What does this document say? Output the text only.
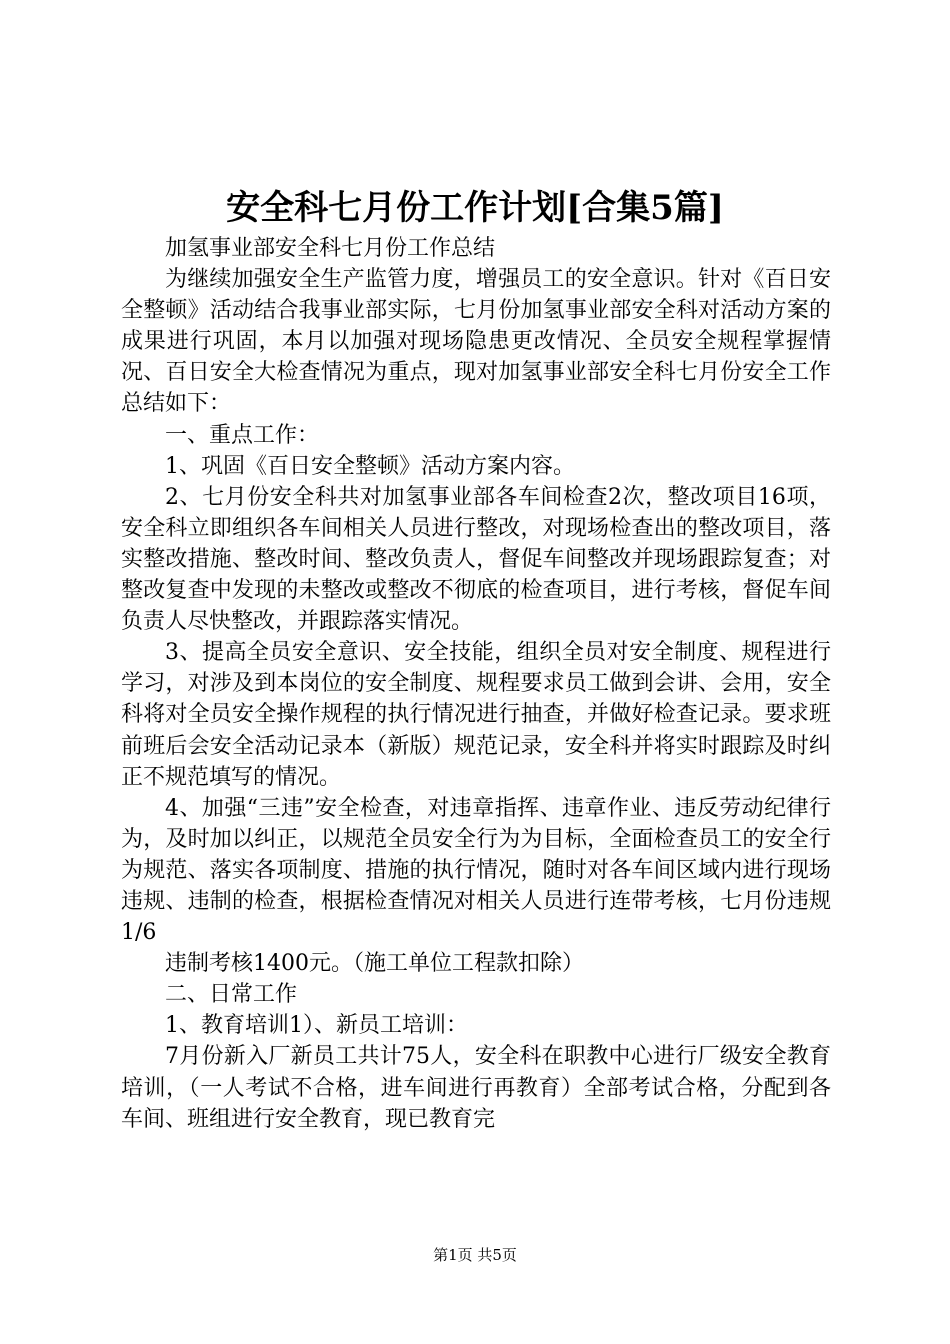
安全科七月份工作计划[合集5篇]

加氢事业部安全科七月份工作总结

为继续加强安全生产监管力度，增强员工的安全意识。针对《百日安全整顿》活动结合我事业部实际，七月份加氢事业部安全科对活动方案的成果进行巩固，本月以加强对现场隐患更改情况、全员安全规程掌握情况、百日安全大检查情况为重点，现对加氢事业部安全科七月份安全工作总结如下：

一、重点工作：

1、巩固《百日安全整顿》活动方案内容。

2、七月份安全科共对加氢事业部各车间检查2次，整改项目16项，安全科立即组织各车间相关人员进行整改，对现场检查出的整改项目，落实整改措施、整改时间、整改负责人，督促车间整改并现场跟踪复查；对整改复查中发现的未整改或整改不彻底的检查项目，进行考核，督促车间负责人尽快整改，并跟踪落实情况。

3、提高全员安全意识、安全技能，组织全员对安全制度、规程进行学习，对涉及到本岗位的安全制度、规程要求员工做到会讲、会用，安全科将对全员安全操作规程的执行情况进行抽查，并做好检查记录。要求班前班后会安全活动记录本（新版）规范记录，安全科并将实时跟踪及时纠正不规范填写的情况。

4、加强“三违”安全检查，对违章指挥、违章作业、违反劳动纪律行为，及时加以纠正，以规范全员安全行为为目标，全面检查员工的安全行为规范、落实各项制度、措施的执行情况，随时对各车间区域内进行现场违规、违制的检查，根据检查情况对相关人员进行连带考核，七月份违规1/6

违制考核1400元。（施工单位工程款扣除）

二、日常工作

1、教育培训1）、新员工培训：

7月份新入厂新员工共计75人，安全科在职教中心进行厂级安全教育培训，（一人考试不合格，进车间进行再教育）全部考试合格，分配到各车间、班组进行安全教育，现已教育完

第1页 共5页
